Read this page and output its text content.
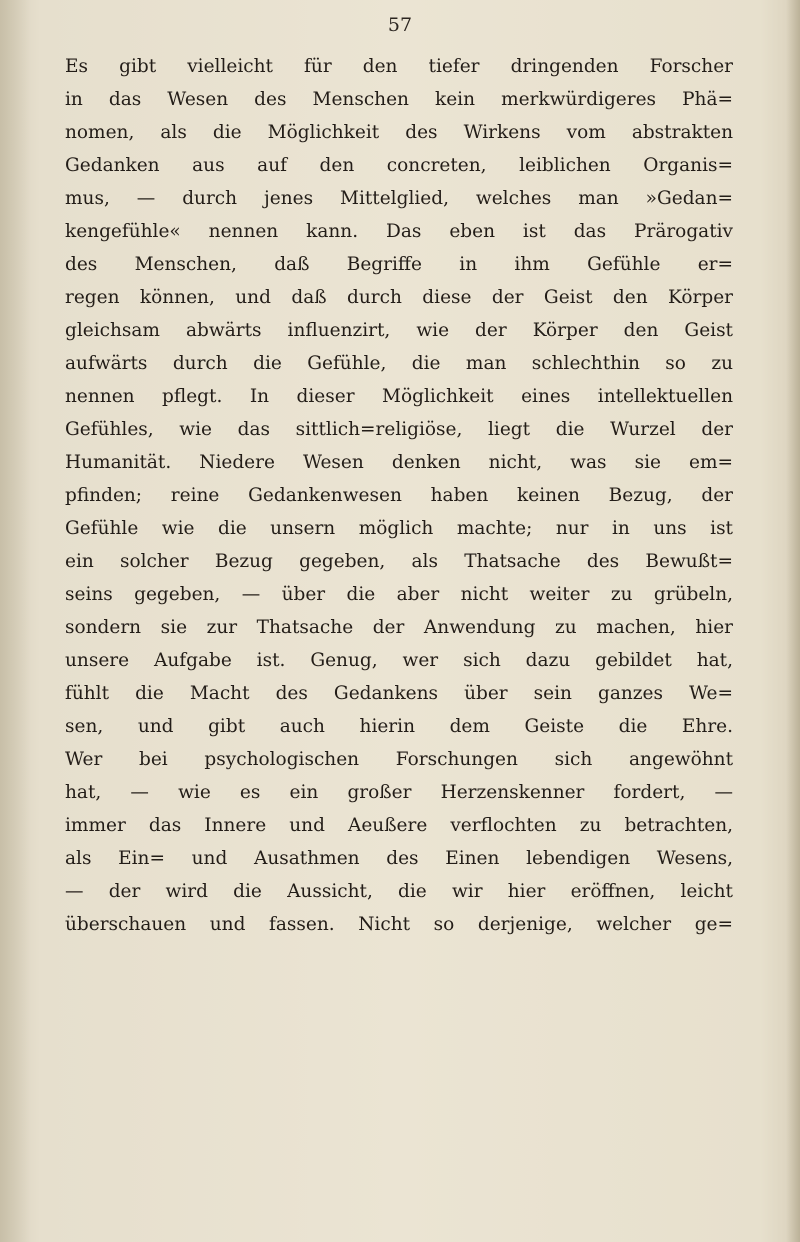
57

Es gibt vielleicht für den tiefer dringenden Forscher
in das Wesen des Menschen kein merkwürdigeres Phä=
nomen, als die Möglichkeit des Wirkens vom abstrakten
Gedanken aus auf den concreten, leiblichen Organis=
mus, — durch jenes Mittelglied, welches man »Gedan=
kengefühle« nennen kann. Das eben ist das Prärogativ
des Menschen, daß Begriffe in ihm Gefühle er=
regen können, und daß durch diese der Geist den Körper
gleichsam abwärts influenzirt, wie der Körper den Geist
aufwärts durch die Gefühle, die man schlechthin so zu
nennen pflegt. In dieser Möglichkeit eines intellektuellen
Gefühles, wie das sittlich=religiöse, liegt die Wurzel der
Humanität. Niedere Wesen denken nicht, was sie em=
pfinden; reine Gedankenwesen haben keinen Bezug, der
Gefühle wie die unsern möglich machte; nur in uns ist
ein solcher Bezug gegeben, als Thatsache des Bewußt=
seins gegeben, — über die aber nicht weiter zu grübeln,
sondern sie zur Thatsache der Anwendung zu machen, hier
unsere Aufgabe ist. Genug, wer sich dazu gebildet hat,
fühlt die Macht des Gedankens über sein ganzes We=
sen, und gibt auch hierin dem Geiste die Ehre.
Wer bei psychologischen Forschungen sich angewöhnt
hat, — wie es ein großer Herzenskenner fordert, —
immer das Innere und Aeußere verflochten zu betrachten,
als Ein= und Ausathmen des Einen lebendigen Wesens,
— der wird die Aussicht, die wir hier eröffnen, leicht
überschauen und fassen. Nicht so derjenige, welcher ge=
